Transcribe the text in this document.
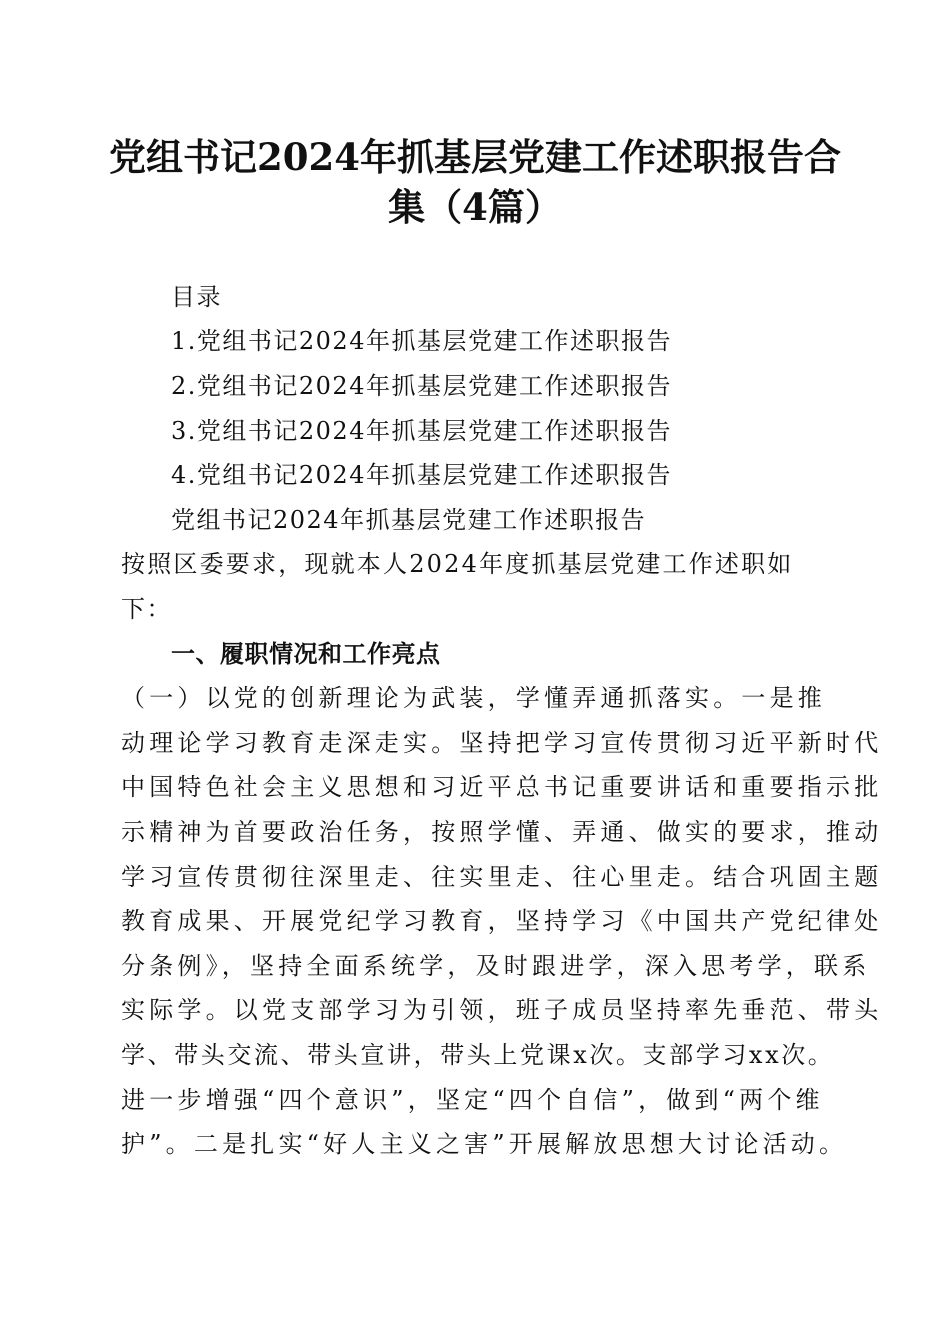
党组书记2024年抓基层党建工作述职报告合
集（4篇）
目录
1.党组书记2024年抓基层党建工作述职报告
2.党组书记2024年抓基层党建工作述职报告
3.党组书记2024年抓基层党建工作述职报告
4.党组书记2024年抓基层党建工作述职报告
党组书记2024年抓基层党建工作述职报告
按照区委要求，现就本人2024年度抓基层党建工作述职如
下：
一、履职情况和工作亮点
（一）以党的创新理论为武装，学懂弄通抓落实。一是推
动理论学习教育走深走实。坚持把学习宣传贯彻习近平新时代
中国特色社会主义思想和习近平总书记重要讲话和重要指示批
示精神为首要政治任务，按照学懂、弄通、做实的要求，推动
学习宣传贯彻往深里走、往实里走、往心里走。结合巩固主题
教育成果、开展党纪学习教育，坚持学习《中国共产党纪律处
分条例》，坚持全面系统学，及时跟进学，深入思考学，联系
实际学。以党支部学习为引领，班子成员坚持率先垂范、带头
学、带头交流、带头宣讲，带头上党课x次。支部学习xx次。
进一步增强“四个意识”，坚定“四个自信”，做到“两个维
护”。二是扎实“好人主义之害”开展解放思想大讨论活动。
